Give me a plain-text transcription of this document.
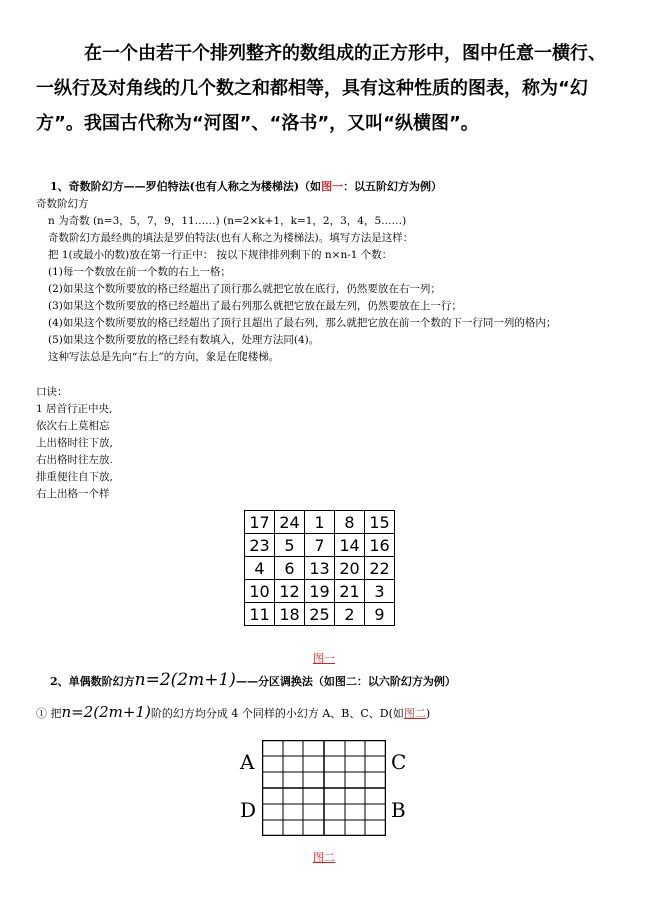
在一个由若干个排列整齐的数组成的正方形中，图中任意一横行、一纵行及对角线的几个数之和都相等，具有这种性质的图表，称为“幻方”。我国古代称为“河图”、“洛书”，又叫“纵横图”。
1、奇数阶幻方——罗伯特法(也有人称之为楼梯法)（如图一：以五阶幻方为例）
奇数阶幻方
n 为奇数 (n=3，5，7，9，11……) (n=2×k+1，k=1，2，3，4，5……)
奇数阶幻方最经典的填法是罗伯特法(也有人称之为楼梯法)。填写方法是这样：
把 1(或最小的数)放在第一行正中： 按以下规律排列剩下的 n×n-1 个数：
(1)每一个数放在前一个数的右上一格；
(2)如果这个数所要放的格已经超出了顶行那么就把它放在底行，仍然要放在右一列；
(3)如果这个数所要放的格已经超出了最右列那么就把它放在最左列，仍然要放在上一行；
(4)如果这个数所要放的格已经超出了顶行且超出了最右列，那么就把它放在前一个数的下一行同一列的格内；
(5)如果这个数所要放的格已经有数填入，处理方法同(4)。
这种写法总是先向“右上”的方向，象是在爬楼梯。
口诀：
1 居首行正中央,
依次右上莫相忘
上出格时往下放,
右出格时往左放.
排重便往自下放,
右上出格一个样
17	24	1	8	15
23	5	7	14	16
4	6	13	20	22
10	12	19	21	3
11	18	25	2	9
图一
2、单偶数阶幻方n=2(2m+1)——分区调换法（如图二：以六阶幻方为例）
① 把n=2(2m+1)阶的幻方均分成 4 个同样的小幻方 A、B、C、D(如图二)
A	C
D	B
图二
